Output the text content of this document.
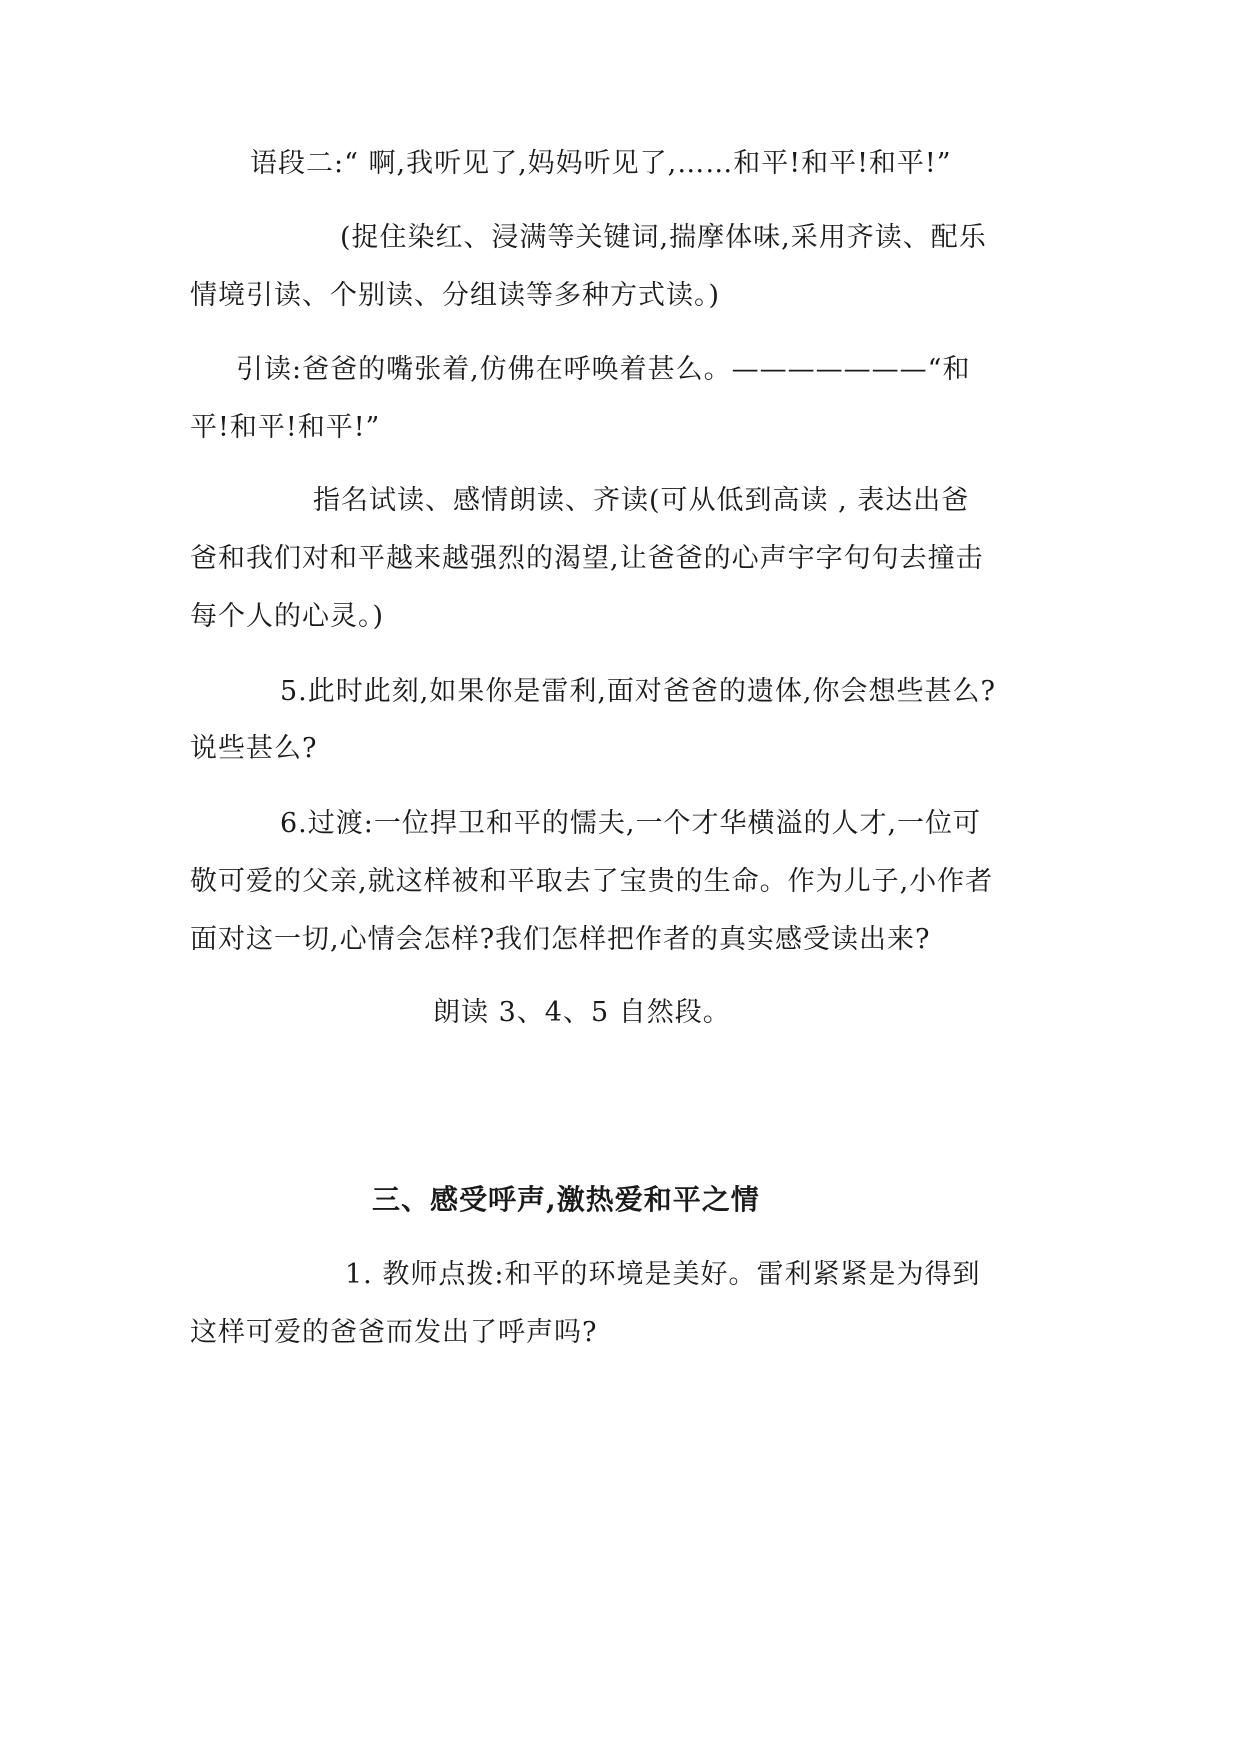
语段二:“ 啊,我听见了,妈妈听见了,……和平!和平!和平!”

(捉住染红、浸满等关键词,揣摩体味,采用齐读、配乐

情境引读、个别读、分组读等多种方式读。)

引读:爸爸的嘴张着,仿佛在呼唤着甚么。———————“和

平!和平!和平!”

指名试读、感情朗读、齐读(可从低到高读 , 表达出爸

爸和我们对和平越来越强烈的渴望,让爸爸的心声宇字句句去撞击

每个人的心灵。)

5.此时此刻,如果你是雷利,面对爸爸的遗体,你会想些甚么?

说些甚么?

6.过渡:一位捍卫和平的懦夫,一个才华横溢的人才,一位可

敬可爱的父亲,就这样被和平取去了宝贵的生命。作为儿子,小作者

面对这一切,心情会怎样?我们怎样把作者的真实感受读出来?

朗读 3、4、5 自然段。

三、感受呼声,激热爱和平之情

1. 教师点拨:和平的环境是美好。雷利紧紧是为得到

这样可爱的爸爸而发出了呼声吗?
